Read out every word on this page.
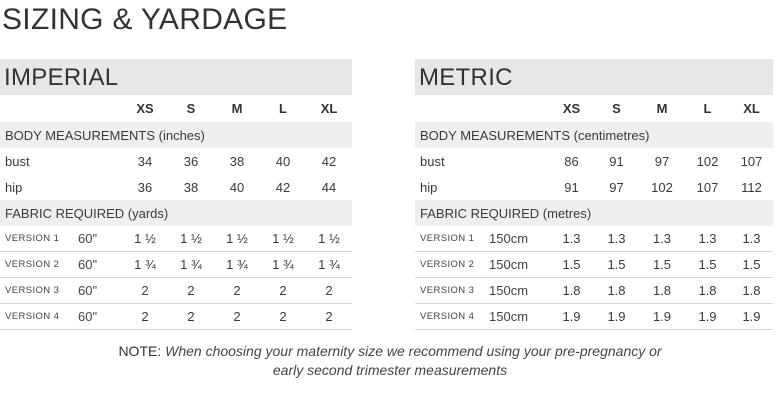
SIZING & YARDAGE
IMPERIAL
		XS	S	M	L	XL
BODY MEASUREMENTS (inches)						
bust		34	36	38	40	42
hip		36	38	40	42	44
FABRIC REQUIRED (yards)						
VERSION 1	60"	1 ½	1 ½	1 ½	1 ½	1 ½
VERSION 2	60"	1 ¾	1 ¾	1 ¾	1 ¾	1 ¾
VERSION 3	60"	2	2	2	2	2
VERSION 4	60"	2	2	2	2	2
METRIC
		XS	S	M	L	XL
BODY MEASUREMENTS (centimetres)						
bust		86	91	97	102	107
hip		91	97	102	107	112
FABRIC REQUIRED (metres)						
VERSION 1	150cm	1.3	1.3	1.3	1.3	1.3
VERSION 2	150cm	1.5	1.5	1.5	1.5	1.5
VERSION 3	150cm	1.8	1.8	1.8	1.8	1.8
VERSION 4	150cm	1.9	1.9	1.9	1.9	1.9
NOTE: When choosing your maternity size we recommend using your pre-pregnancy or
early second trimester measurements
